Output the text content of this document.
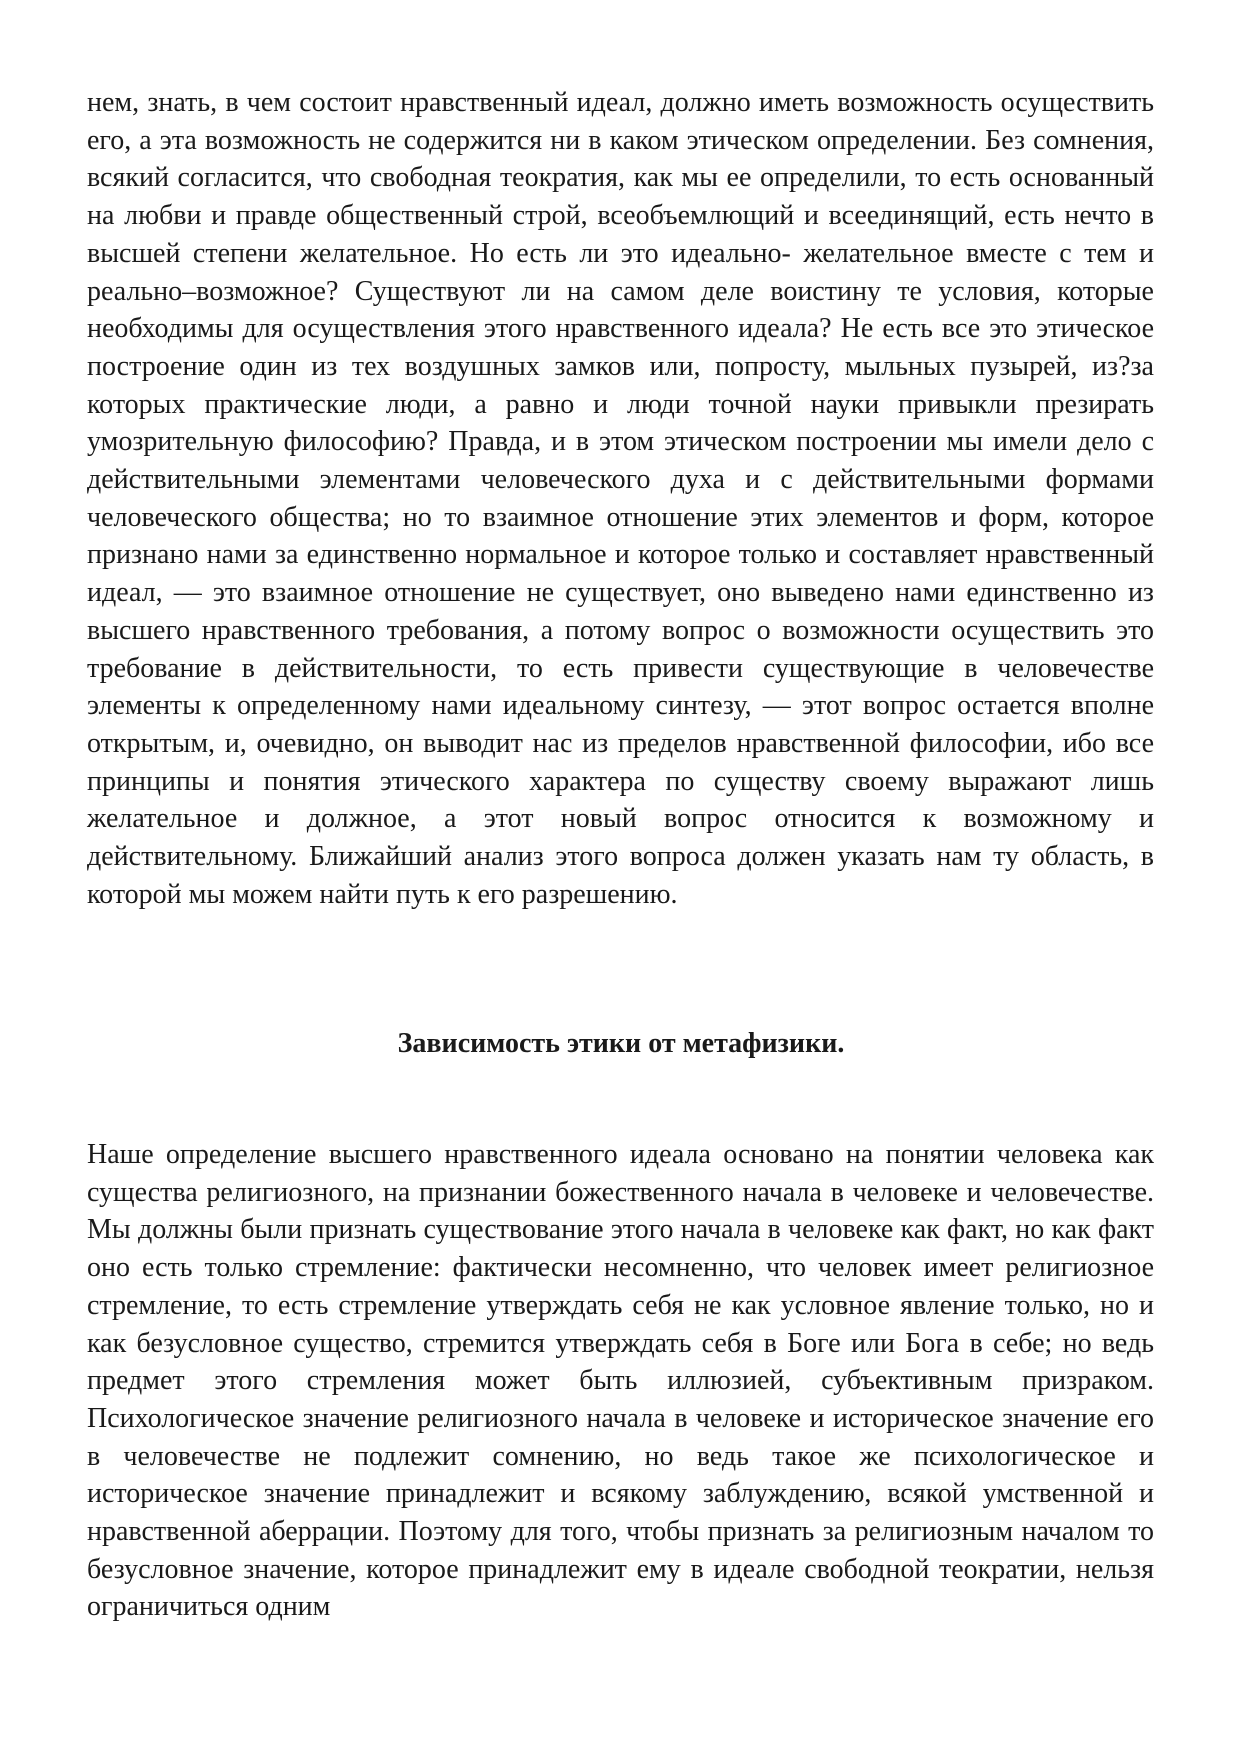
нем, знать, в чем состоит нравственный идеал, должно иметь возможность осуществить его, а эта возможность не содержится ни в каком этическом определении. Без сомнения, всякий согласится, что свободная теократия, как мы ее определили, то есть основанный на любви и правде общественный строй, всеобъемлющий и всеединящий, есть нечто в высшей степени желательное. Но есть ли это идеально- желательное вместе с тем и реально–возможное? Существуют ли на самом деле воистину те условия, которые необходимы для осуществления этого нравственного идеала? Не есть все это этическое построение один из тех воздушных замков или, попросту, мыльных пузырей, из?за которых практические люди, а равно и люди точной науки привыкли презирать умозрительную философию? Правда, и в этом этическом построении мы имели дело с действительными элементами человеческого духа и с действительными формами человеческого общества; но то взаимное отношение этих элементов и форм, которое признано нами за единственно нормальное и которое только и составляет нравственный идеал, — это взаимное отношение не существует, оно выведено нами единственно из высшего нравственного требования, а потому вопрос о возможности осуществить это требование в действительности, то есть привести существующие в человечестве элементы к определенному нами идеальному синтезу, — этот вопрос остается вполне открытым, и, очевидно, он выводит нас из пределов нравственной философии, ибо все принципы и понятия этического характера по существу своему выражают лишь желательное и должное, а этот новый вопрос относится к возможному и действительному. Ближайший анализ этого вопроса должен указать нам ту область, в которой мы можем найти путь к его разрешению.

Зависимость этики от метафизики.

Наше определение высшего нравственного идеала основано на понятии человека как существа религиозного, на признании божественного начала в человеке и человечестве. Мы должны были признать существование этого начала в человеке как факт, но как факт оно есть только стремление: фактически несомненно, что человек имеет религиозное стремление, то есть стремление утверждать себя не как условное явление только, но и как безусловное существо, стремится утверждать себя в Боге или Бога в себе; но ведь предмет этого стремления может быть иллюзией, субъективным призраком. Психологическое значение религиозного начала в человеке и историческое значение его в человечестве не подлежит сомнению, но ведь такое же психологическое и историческое значение принадлежит и всякому заблуждению, всякой умственной и нравственной аберрации. Поэтому для того, чтобы признать за религиозным началом то безусловное значение, которое принадлежит ему в идеале свободной теократии, нельзя ограничиться одним
